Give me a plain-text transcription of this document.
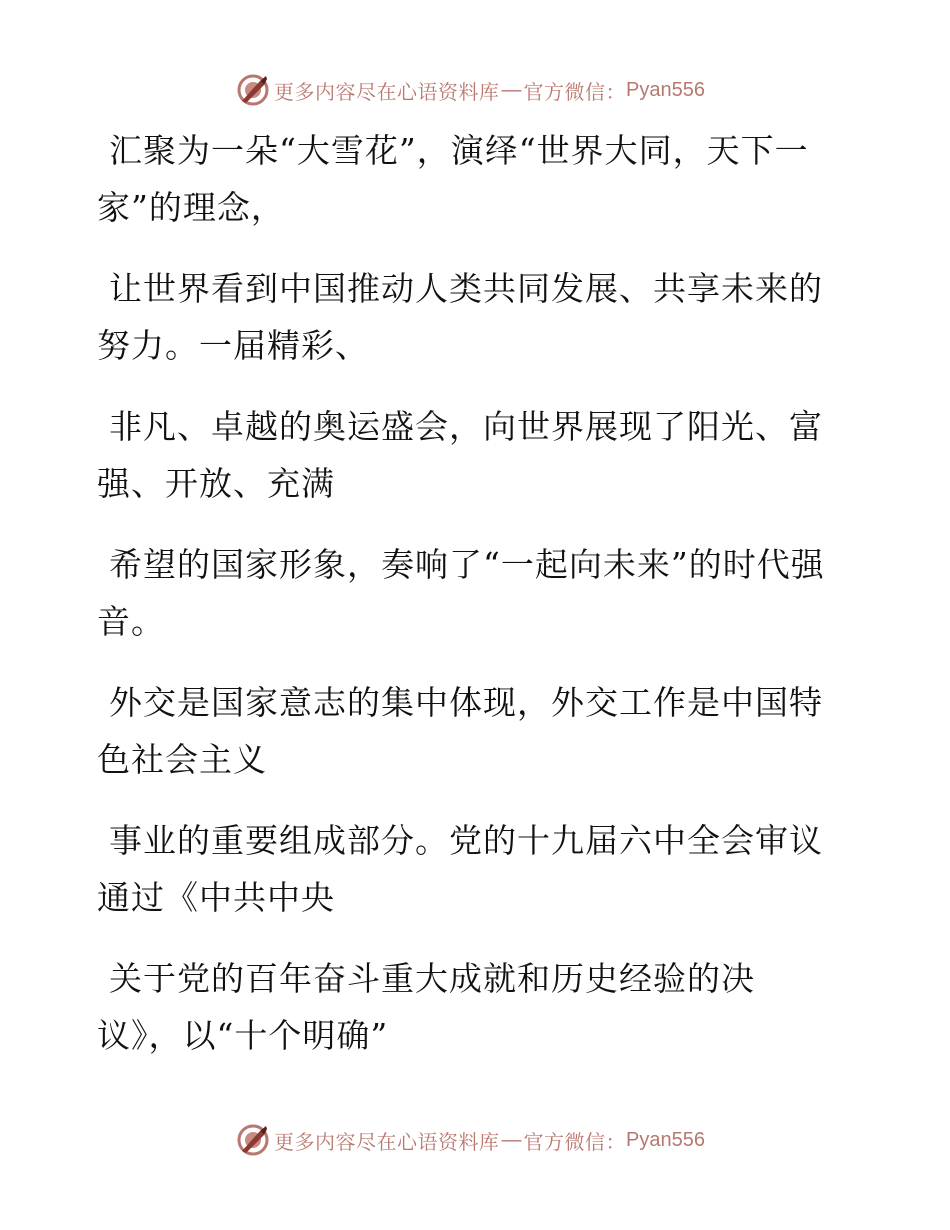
更多内容尽在心语资料库 — 官方微信： Pyan556

汇聚为一朵“大雪花”，演绎“世界大同，天下一家”的理念，

让世界看到中国推动人类共同发展、共享未来的努力。一届精彩、

非凡、卓越的奥运盛会，向世界展现了阳光、富强、开放、充满

希望的国家形象，奏响了“一起向未来”的时代强音。

外交是国家意志的集中体现，外交工作是中国特色社会主义

事业的重要组成部分。党的十九届六中全会审议通过《中共中央

关于党的百年奋斗重大成就和历史经验的决议》，以“十个明确”

更多内容尽在心语资料库 — 官方微信： Pyan556
